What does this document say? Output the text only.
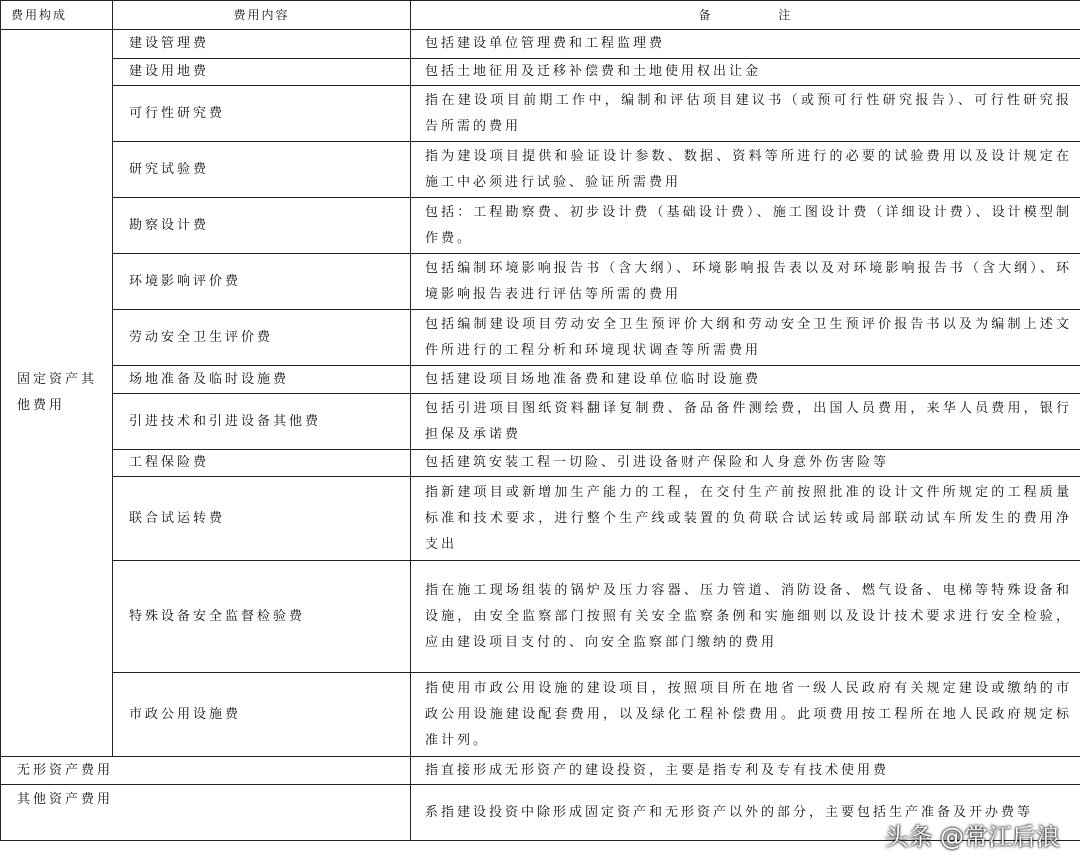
费用构成	费用内容	备 注

固定资产其他费用	建设管理费	包括建设单位管理费和工程监理费
	建设用地费	包括土地征用及迁移补偿费和土地使用权出让金
	可行性研究费	指在建设项目前期工作中，编制和评估项目建议书（或预可行性研究报告）、可行性研究报告所需的费用
	研究试验费	指为建设项目提供和验证设计参数、数据、资料等所进行的必要的试验费用以及设计规定在施工中必须进行试验、验证所需费用
	勘察设计费	包括：工程勘察费、初步设计费（基础设计费）、施工图设计费（详细设计费）、设计模型制作费。
	环境影响评价费	包括编制环境影响报告书（含大纲）、环境影响报告表以及对环境影响报告书（含大纲）、环境影响报告表进行评估等所需的费用
	劳动安全卫生评价费	包括编制建设项目劳动安全卫生预评价大纲和劳动安全卫生预评价报告书以及为编制上述文件所进行的工程分析和环境现状调查等所需费用
	场地准备及临时设施费	包括建设项目场地准备费和建设单位临时设施费
	引进技术和引进设备其他费	包括引进项目图纸资料翻译复制费、备品备件测绘费，出国人员费用，来华人员费用，银行担保及承诺费
	工程保险费	包括建筑安装工程一切险、引进设备财产保险和人身意外伤害险等
	联合试运转费	指新建项目或新增加生产能力的工程，在交付生产前按照批准的设计文件所规定的工程质量标准和技术要求，进行整个生产线或装置的负荷联合试运转或局部联动试车所发生的费用净支出
	特殊设备安全监督检验费	指在施工现场组装的锅炉及压力容器、压力管道、消防设备、燃气设备、电梯等特殊设备和设施，由安全监察部门按照有关安全监察条例和实施细则以及设计技术要求进行安全检验，应由建设项目支付的、向安全监察部门缴纳的费用
	市政公用设施费	指使用市政公用设施的建设项目，按照项目所在地省一级人民政府有关规定建设或缴纳的市政公用设施建设配套费用，以及绿化工程补偿费用。此项费用按工程所在地人民政府规定标准计列。
无形资产费用		指直接形成无形资产的建设投资，主要是指专利及专有技术使用费
其他资产费用		系指建设投资中除形成固定资产和无形资产以外的部分，主要包括生产准备及开办费等
头条 @常江后浪
